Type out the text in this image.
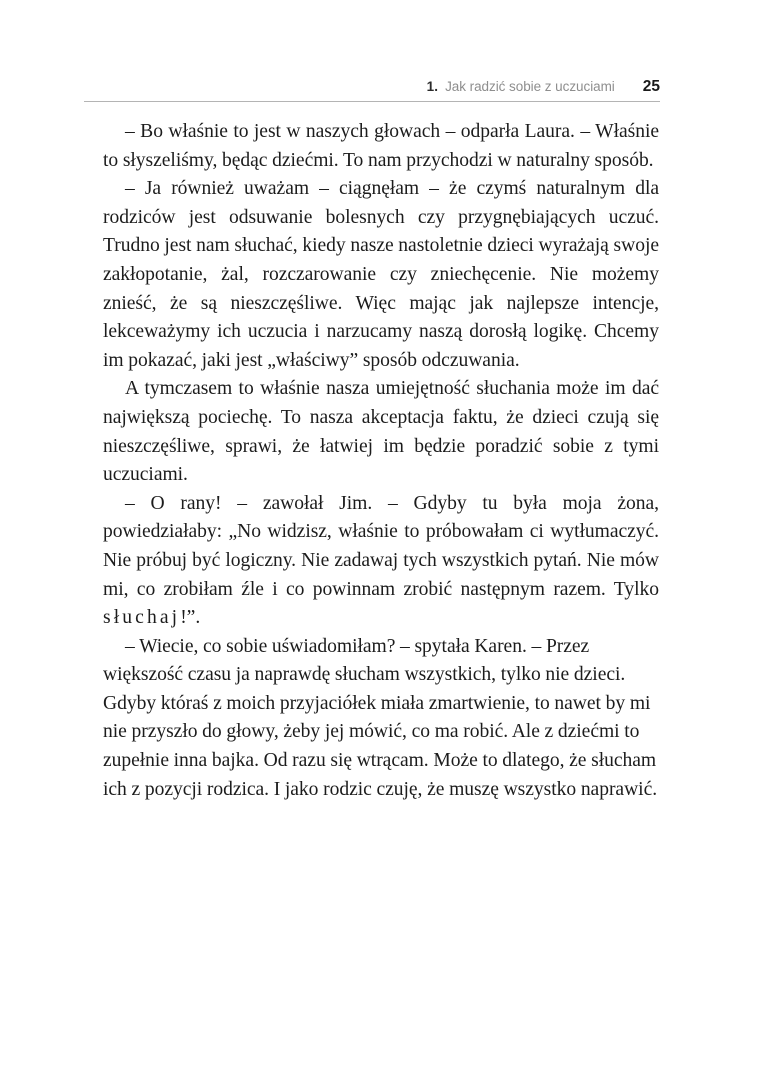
1. Jak radzić sobie z uczuciami 25

– Bo właśnie to jest w naszych głowach – odparła Laura. – Właśnie to słyszeliśmy, będąc dziećmi. To nam przychodzi w naturalny sposób.

– Ja również uważam – ciągnęłam – że czymś naturalnym dla rodziców jest odsuwanie bolesnych czy przygnębiających uczuć. Trudno jest nam słuchać, kiedy nasze nastoletnie dzieci wyrażają swoje zakłopotanie, żal, rozczarowanie czy zniechęcenie. Nie możemy znieść, że są nieszczęśliwe. Więc mając jak najlepsze intencje, lekceważymy ich uczucia i narzucamy naszą dorosłą logikę. Chcemy im pokazać, jaki jest „właściwy” sposób odczuwania.

A tymczasem to właśnie nasza umiejętność słuchania może im dać największą pociechę. To nasza akceptacja faktu, że dzieci czują się nieszczęśliwe, sprawi, że łatwiej im będzie poradzić sobie z tymi uczuciami.

– O rany! – zawołał Jim. – Gdyby tu była moja żona, powiedziałaby: „No widzisz, właśnie to próbowałam ci wytłumaczyć. Nie próbuj być logiczny. Nie zadawaj tych wszystkich pytań. Nie mów mi, co zrobiłam źle i co powinnam zrobić następnym razem. Tylko słuchaj!”.

– Wiecie, co sobie uświadomiłam? – spytała Karen. – Przez większość czasu ja naprawdę słucham wszystkich, tylko nie dzieci. Gdyby któraś z moich przyjaciółek miała zmartwienie, to nawet by mi nie przyszło do głowy, żeby jej mówić, co ma robić. Ale z dziećmi to zupełnie inna bajka. Od razu się wtrącam. Może to dlatego, że słucham ich z pozycji rodzica. I jako rodzic czuję, że muszę wszystko naprawić.
